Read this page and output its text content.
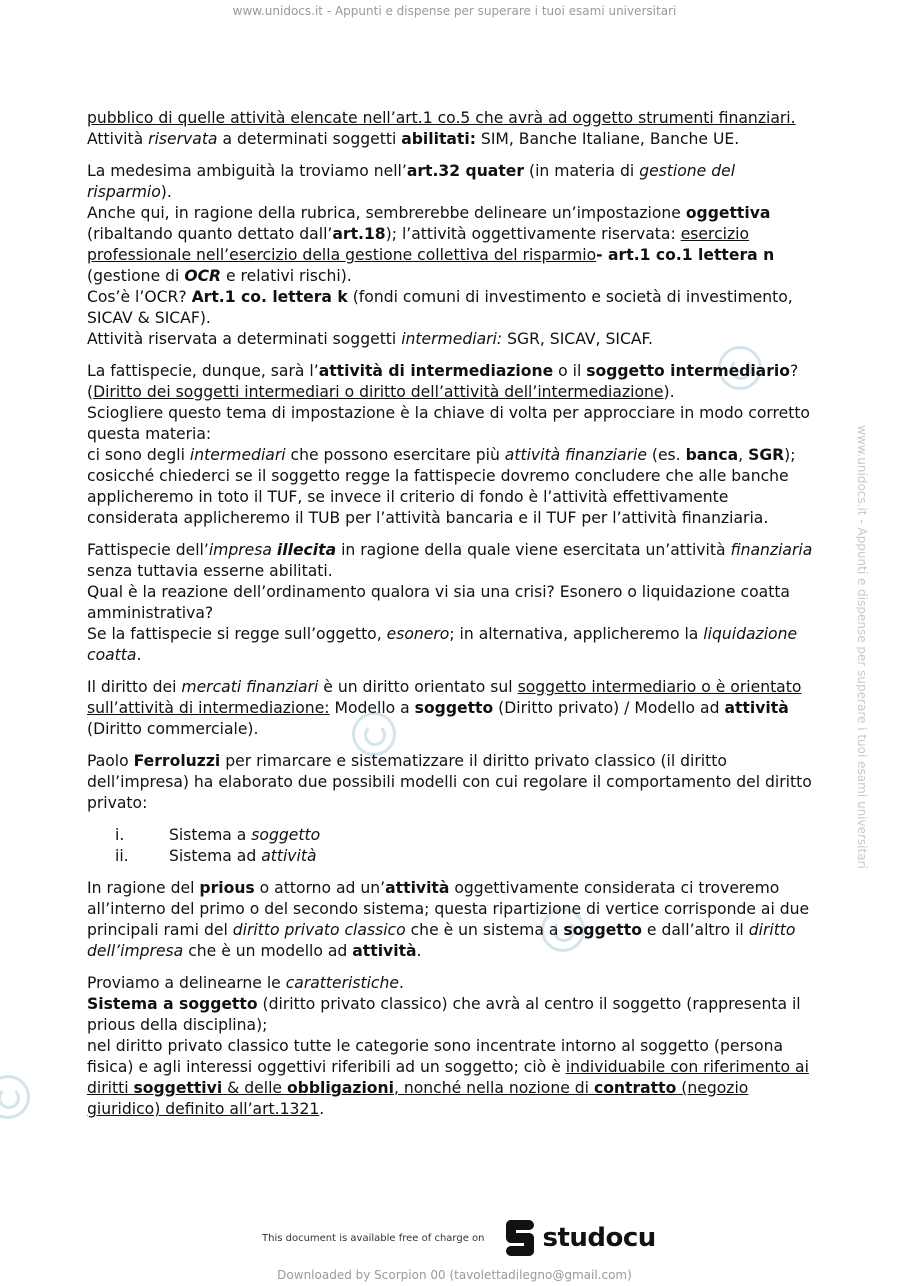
www.unidocs.it - Appunti e dispense per superare i tuoi esami universitari
www.unidocs.it - Appunti e dispense per superare i tuoi esami universitari

pubblico di quelle attività elencate nell’art.1 co.5 che avrà ad oggetto strumenti finanziari.
Attività riservata a determinati soggetti abilitati: SIM, Banche Italiane, Banche UE.

La medesima ambiguità la troviamo nell’art.32 quater (in materia di gestione del risparmio).
Anche qui, in ragione della rubrica, sembrerebbe delineare un’impostazione oggettiva (ribaltando quanto dettato dall’art.18); l’attività oggettivamente riservata: esercizio professionale nell’esercizio della gestione collettiva del risparmio- art.1 co.1 lettera n (gestione di OCR e relativi rischi).
Cos’è l’OCR? Art.1 co. lettera k (fondi comuni di investimento e società di investimento, SICAV & SICAF).
Attività riservata a determinati soggetti intermediari: SGR, SICAV, SICAF.

La fattispecie, dunque, sarà l’attività di intermediazione o il soggetto intermediario? (Diritto dei soggetti intermediari o diritto dell’attività dell’intermediazione).
Sciogliere questo tema di impostazione è la chiave di volta per approcciare in modo corretto questa materia:
ci sono degli intermediari che possono esercitare più attività finanziarie (es. banca, SGR); cosicché chiederci se il soggetto regge la fattispecie dovremo concludere che alle banche applicheremo in toto il TUF, se invece il criterio di fondo è l’attività effettivamente considerata applicheremo il TUB per l’attività bancaria e il TUF per l’attività finanziaria.

Fattispecie dell’impresa illecita in ragione della quale viene esercitata un’attività finanziaria senza tuttavia esserne abilitati.
Qual è la reazione dell’ordinamento qualora vi sia una crisi? Esonero o liquidazione coatta amministrativa?
Se la fattispecie si regge sull’oggetto, esonero; in alternativa, applicheremo la liquidazione coatta.

Il diritto dei mercati finanziari è un diritto orientato sul soggetto intermediario o è orientato sull’attività di intermediazione: Modello a soggetto (Diritto privato) / Modello ad attività (Diritto commerciale).

Paolo Ferroluzzi per rimarcare e sistematizzare il diritto privato classico (il diritto dell’impresa) ha elaborato due possibili modelli con cui regolare il comportamento del diritto privato:

i.	Sistema a soggetto
ii.	Sistema ad attività

In ragione del prious o attorno ad un’attività oggettivamente considerata ci troveremo all’interno del primo o del secondo sistema; questa ripartizione di vertice corrisponde ai due principali rami del diritto privato classico che è un sistema a soggetto e dall’altro il diritto dell’impresa che è un modello ad attività.

Proviamo a delinearne le caratteristiche.
Sistema a soggetto (diritto privato classico) che avrà al centro il soggetto (rappresenta il prious della disciplina);
nel diritto privato classico tutte le categorie sono incentrate intorno al soggetto (persona fisica) e agli interessi oggettivi riferibili ad un soggetto; ciò è individuabile con riferimento ai diritti soggettivi & delle obbligazioni, nonché nella nozione di contratto (negozio giuridico) definito all’art.1321.

This document is available free of charge on studocu
Downloaded by Scorpion 00 (tavolettadilegno@gmail.com)
